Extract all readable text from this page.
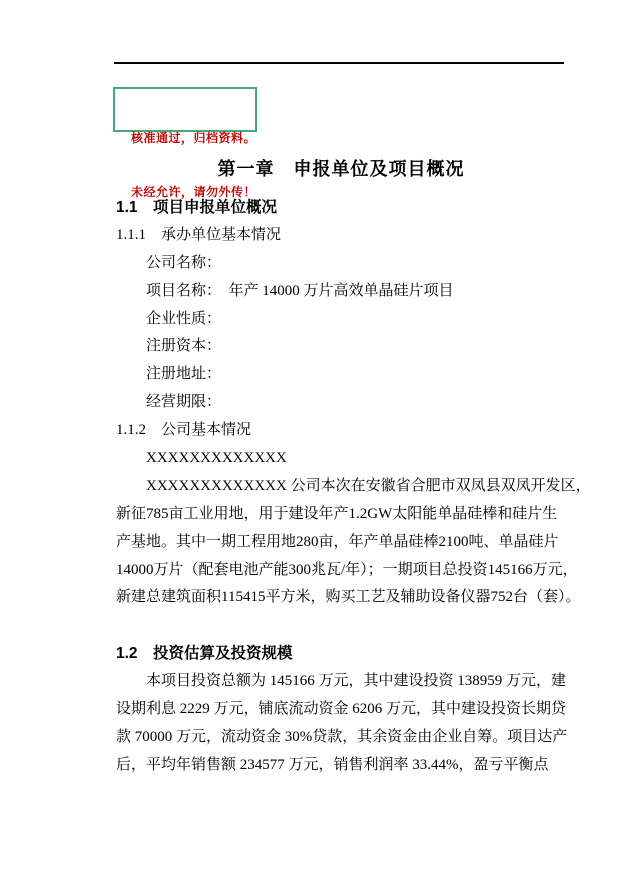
核准通过，归档资料。

未经允许，请勿外传！

第一章　申报单位及项目概况
1.1　项目申报单位概况
1.1.1　承办单位基本情况
公司名称：
项目名称：　年产 14000 万片高效单晶硅片项目
企业性质：
注册资本：
注册地址：
经营期限：
1.1.2　公司基本情况
XXXXXXXXXXXXX
XXXXXXXXXXXXX 公司本次在安徽省合肥市双凤县双凤开发区，
新征785亩工业用地，用于建设年产1.2GW太阳能单晶硅棒和硅片生
产基地。其中一期工程用地280亩，年产单晶硅棒2100吨、单晶硅片
14000万片（配套电池产能300兆瓦/年）；一期项目总投资145166万元，
新建总建筑面积115415平方米，购买工艺及辅助设备仪器752台（套）。
1.2　投资估算及投资规模
本项目投资总额为 145166 万元，其中建设投资 138959 万元，建
设期利息 2229 万元，铺底流动资金 6206 万元，其中建设投资长期贷
款 70000 万元，流动资金 30%贷款，其余资金由企业自筹。项目达产
后，平均年销售额 234577 万元，销售利润率 33.44%，盈亏平衡点
